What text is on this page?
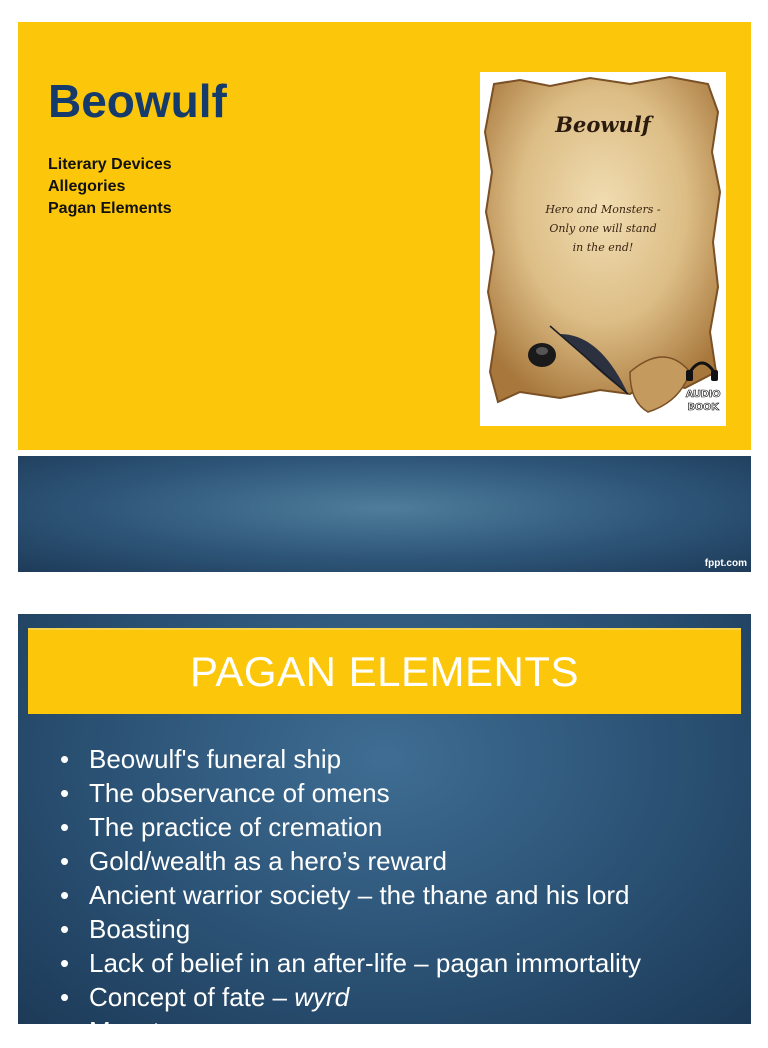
Beowulf
Literary Devices
Allegories
Pagan Elements
Beowulf
Hero and Monsters -
Only one will stand
in the end!
AUDIO
BOOK
fppt.com
PAGAN ELEMENTS
• Beowulf's funeral ship
• The observance of omens
• The practice of cremation
• Gold/wealth as a hero’s reward
• Ancient warrior society – the thane and his lord
• Boasting
• Lack of belief in an after-life – pagan immortality
• Concept of fate –
wyrd
• Monsters
